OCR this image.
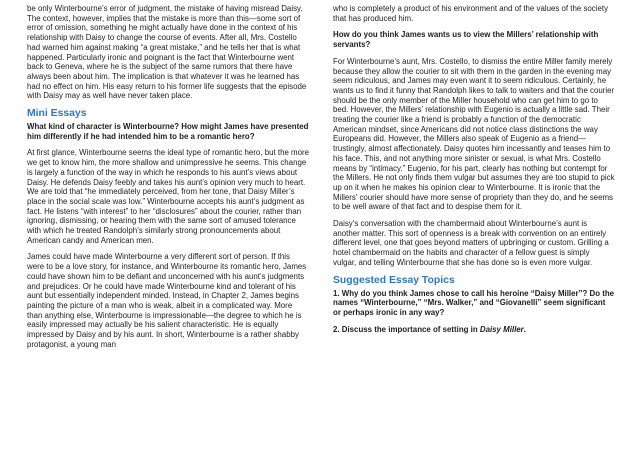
be only Winterbourne’s error of judgment, the mistake of having misread Daisy. The context, however, implies that the mistake is more than this—some sort of error of omission, something he might actually have done in the context of his relationship with Daisy to change the course of events. After all, Mrs. Costello had warned him against making “a great mistake,” and he tells her that is what happened. Particularly ironic and poignant is the fact that Winterbourne went back to Geneva, where he is the subject of the same rumors that there have always been about him. The implication is that whatever it was he learned has had no effect on him. His easy return to his former life suggests that the episode with Daisy may as well have never taken place.

Mini Essays

What kind of character is Winterbourne? How might James have presented him differently if he had intended him to be a romantic hero?

At first glance, Winterbourne seems the ideal type of romantic hero, but the more we get to know him, the more shallow and unimpressive he seems. This change is largely a function of the way in which he responds to his aunt’s views about Daisy. He defends Daisy feebly and takes his aunt’s opinion very much to heart. We are told that “he immediately perceived, from her tone, that Daisy Miller’s place in the social scale was low.” Winterbourne accepts his aunt’s judgment as fact. He listens “with interest” to her “disclosures” about the courier, rather than ignoring, dismissing, or hearing them with the same sort of amused tolerance with which he treated Randolph’s similarly strong pronouncements about American candy and American men.

James could have made Winterbourne a very different sort of person. If this were to be a love story, for instance, and Winterbourne its romantic hero, James could have shown him to be defiant and unconcerned with his aunt’s judgments and prejudices. Or he could have made Winterbourne kind and tolerant of his aunt but essentially independent minded. Instead, in Chapter 2, James begins painting the picture of a man who is weak, albeit in a complicated way. More than anything else, Winterbourne is impressionable—the degree to which he is easily impressed may actually be his salient characteristic. He is equally impressed by Daisy and by his aunt. In short, Winterbourne is a rather shabby protagonist, a young man

who is completely a product of his environment and of the values of the society that has produced him.

How do you think James wants us to view the Millers’ relationship with servants?

For Winterbourne’s aunt, Mrs. Costello, to dismiss the entire Miller family merely because they allow the courier to sit with them in the garden in the evening may seem ridiculous, and James may even want it to seem ridiculous. Certainly, he wants us to find it funny that Randolph likes to talk to waiters and that the courier should be the only member of the Miller household who can get him to go to bed. However, the Millers’ relationship with Eugenio is actually a little sad. Their treating the courier like a friend is probably a function of the democratic American mindset, since Americans did not notice class distinctions the way Europeans did. However, the Millers also speak of Eugenio as a friend—trustingly, almost affectionately. Daisy quotes him incessantly and teases him to his face. This, and not anything more sinister or sexual, is what Mrs. Costello means by “intimacy.” Eugenio, for his part, clearly has nothing but contempt for the Millers. He not only finds them vulgar but assumes they are too stupid to pick up on it when he makes his opinion clear to Winterbourne. It is ironic that the Millers’ courier should have more sense of propriety than they do, and he seems to be well aware of that fact and to despise them for it.

Daisy’s conversation with the chambermaid about Winterbourne’s aunt is another matter. This sort of openness is a break with convention on an entirely different level, one that goes beyond matters of upbringing or custom. Grilling a hotel chambermaid on the habits and character of a fellow guest is simply vulgar, and telling Winterbourne that she has done so is even more vulgar.

Suggested Essay Topics

1. Why do you think James chose to call his heroine “Daisy Miller”? Do the names “Winterbourne,” “Mrs. Walker,” and “Giovanelli” seem significant or perhaps ironic in any way?

2. Discuss the importance of setting in Daisy Miller.
